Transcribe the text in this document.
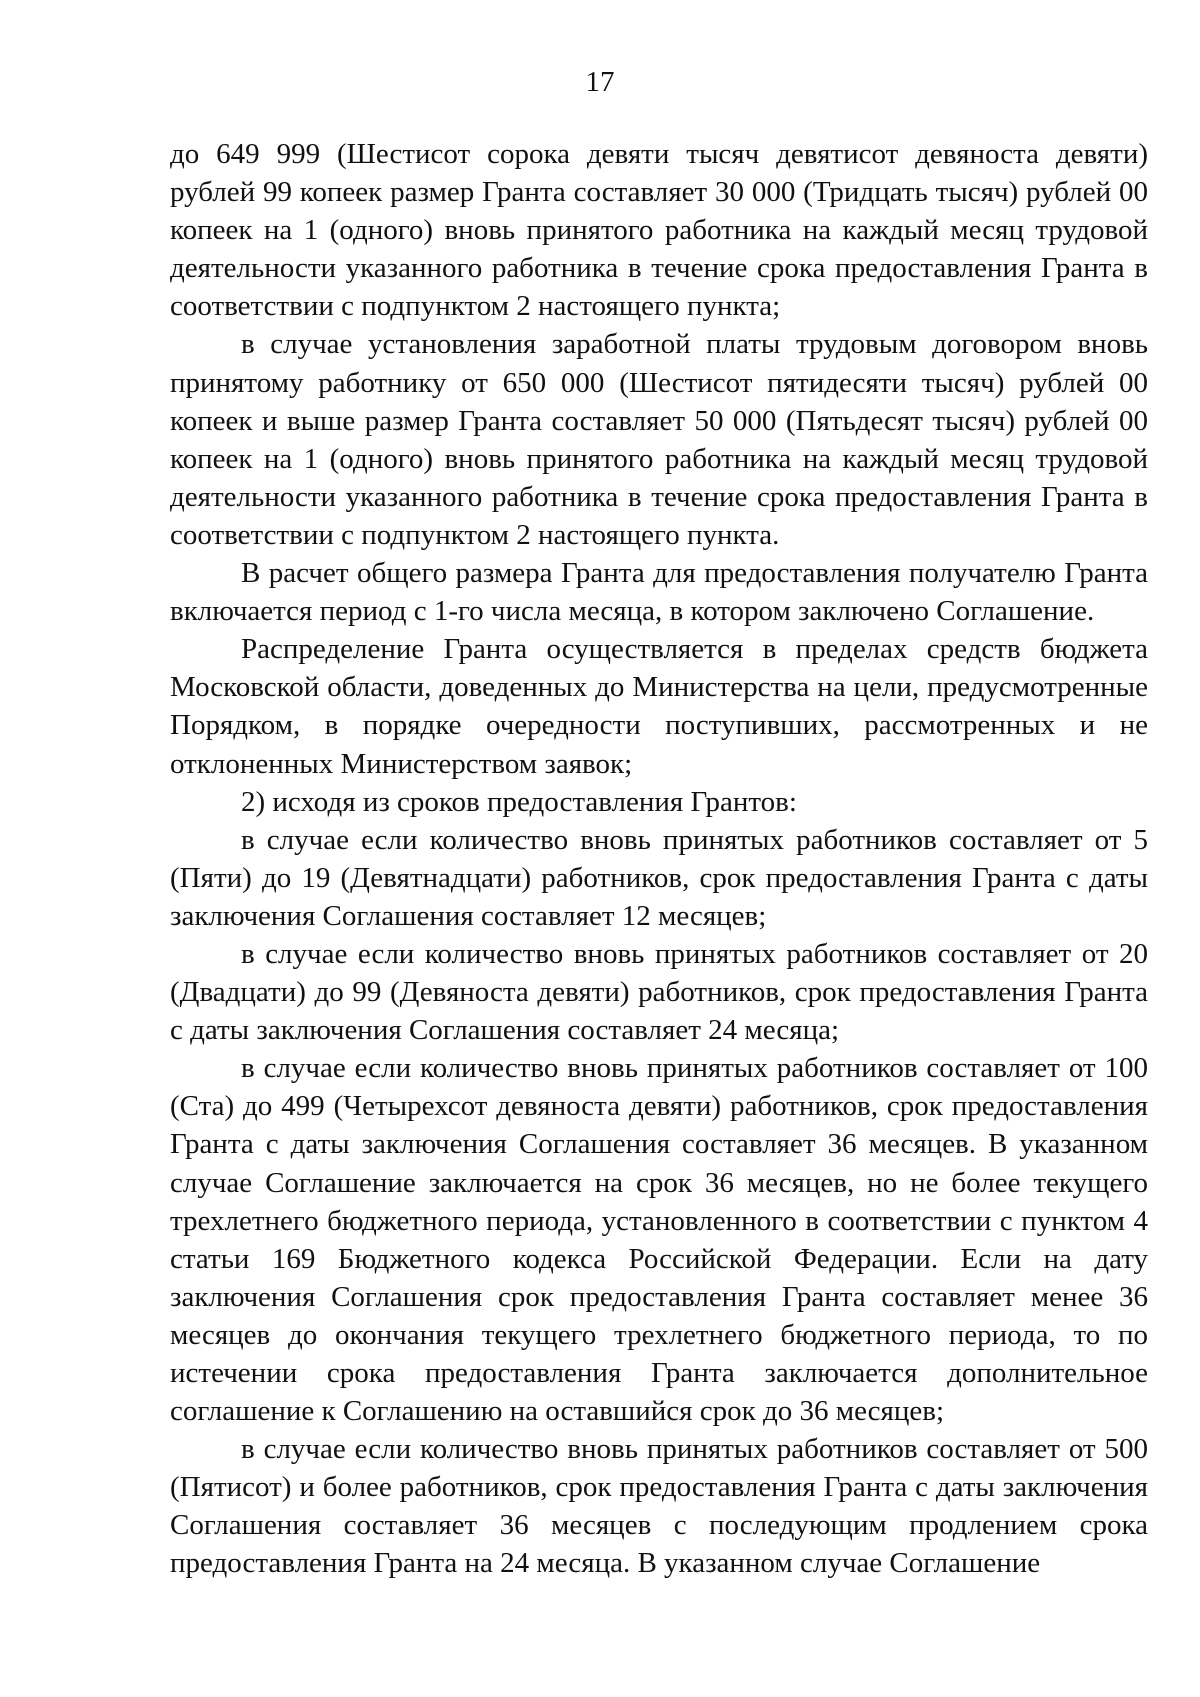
17

до 649 999 (Шестисот сорока девяти тысяч девятисот девяноста девяти) рублей 99 копеек размер Гранта составляет 30 000 (Тридцать тысяч) рублей 00 копеек на 1 (одного) вновь принятого работника на каждый месяц трудовой деятельности указанного работника в течение срока предоставления Гранта в соответствии с подпунктом 2 настоящего пункта;

в случае установления заработной платы трудовым договором вновь принятому работнику от 650 000 (Шестисот пятидесяти тысяч) рублей 00 копеек и выше размер Гранта составляет 50 000 (Пятьдесят тысяч) рублей 00 копеек на 1 (одного) вновь принятого работника на каждый месяц трудовой деятельности указанного работника в течение срока предоставления Гранта в соответствии с подпунктом 2 настоящего пункта.

В расчет общего размера Гранта для предоставления получателю Гранта включается период с 1-го числа месяца, в котором заключено Соглашение.

Распределение Гранта осуществляется в пределах средств бюджета Московской области, доведенных до Министерства на цели, предусмотренные Порядком, в порядке очередности поступивших, рассмотренных и не отклоненных Министерством заявок;

2) исходя из сроков предоставления Грантов:

в случае если количество вновь принятых работников составляет от 5 (Пяти) до 19 (Девятнадцати) работников, срок предоставления Гранта с даты заключения Соглашения составляет 12 месяцев;

в случае если количество вновь принятых работников составляет от 20 (Двадцати) до 99 (Девяноста девяти) работников, срок предоставления Гранта с даты заключения Соглашения составляет 24 месяца;

в случае если количество вновь принятых работников составляет от 100 (Ста) до 499 (Четырехсот девяноста девяти) работников, срок предоставления Гранта с даты заключения Соглашения составляет 36 месяцев. В указанном случае Соглашение заключается на срок 36 месяцев, но не более текущего трехлетнего бюджетного периода, установленного в соответствии с пунктом 4 статьи 169 Бюджетного кодекса Российской Федерации. Если на дату заключения Соглашения срок предоставления Гранта составляет менее 36 месяцев до окончания текущего трехлетнего бюджетного периода, то по истечении срока предоставления Гранта заключается дополнительное соглашение к Соглашению на оставшийся срок до 36 месяцев;

в случае если количество вновь принятых работников составляет от 500 (Пятисот) и более работников, срок предоставления Гранта с даты заключения Соглашения составляет 36 месяцев с последующим продлением срока предоставления Гранта на 24 месяца. В указанном случае Соглашение
